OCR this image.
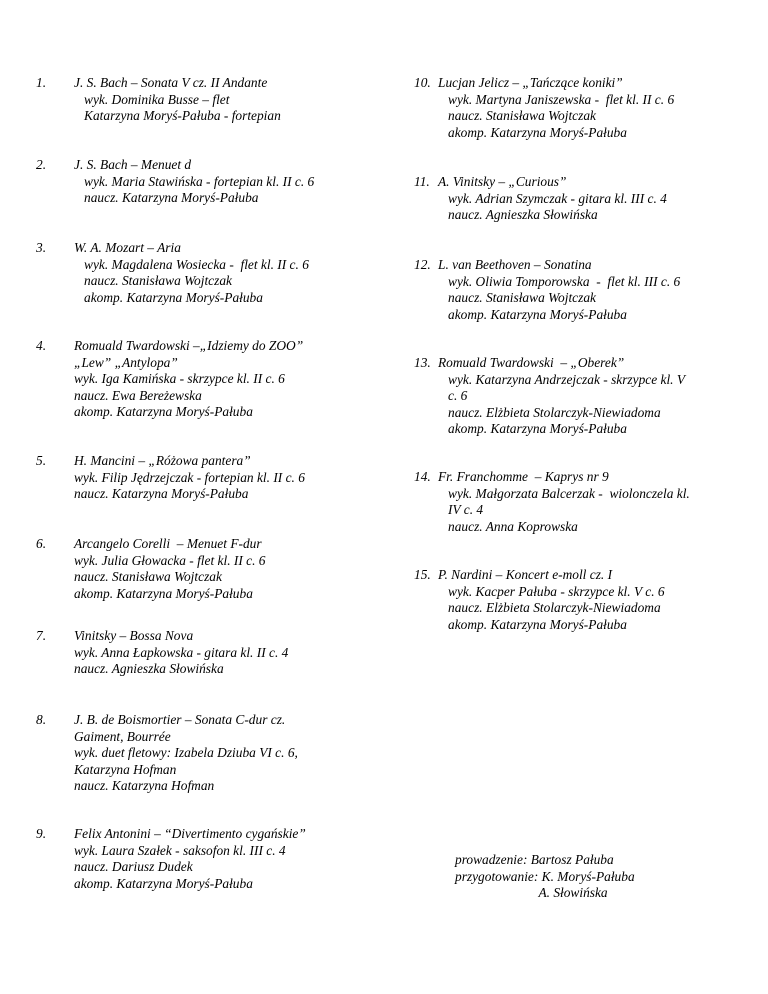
1. J. S. Bach – Sonata V cz. II Andante
wyk. Dominika Busse – flet
Katarzyna Moryś-Pałuba - fortepian
2. J. S. Bach – Menuet d
wyk. Maria Stawińska - fortepian kl. II c. 6
naucz. Katarzyna Moryś-Pałuba
3. W. A. Mozart – Aria
wyk. Magdalena Wosiecka -  flet kl. II c. 6
naucz. Stanisława Wojtczak
akomp. Katarzyna Moryś-Pałuba
4. Romuald Twardowski –„Idziemy do ZOO”
„Lew” „Antylopa”
wyk. Iga Kamińska - skrzypce kl. II c. 6
naucz. Ewa Bereżewska
akomp. Katarzyna Moryś-Pałuba
5. H. Mancini – „Różowa pantera”
wyk. Filip Jędrzejczak - fortepian kl. II c. 6
naucz. Katarzyna Moryś-Pałuba
6. Arcangelo Corelli  – Menuet F-dur
wyk. Julia Głowacka - flet kl. II c. 6
naucz. Stanisława Wojtczak
akomp. Katarzyna Moryś-Pałuba
7. Vinitsky – Bossa Nova
wyk. Anna Łapkowska - gitara kl. II c. 4
naucz. Agnieszka Słowińska
8. J. B. de Boismortier – Sonata C-dur cz.
Gaiment, Bourrée
wyk. duet fletowy: Izabela Dziuba VI c. 6,
Katarzyna Hofman
naucz. Katarzyna Hofman
9. Felix Antonini – “Divertimento cygańskie”
wyk. Laura Szałek - saksofon kl. III c. 4
naucz. Dariusz Dudek
akomp. Katarzyna Moryś-Pałuba
10. Lucjan Jelicz – „Tańczące koniki”
wyk. Martyna Janiszewska -  flet kl. II c. 6
naucz. Stanisława Wojtczak
akomp. Katarzyna Moryś-Pałuba
11. A. Vinitsky – „Curious”
wyk. Adrian Szymczak - gitara kl. III c. 4
naucz. Agnieszka Słowińska
12. L. van Beethoven – Sonatina
wyk. Oliwia Tomporowska  -  flet kl. III c. 6
naucz. Stanisława Wojtczak
akomp. Katarzyna Moryś-Pałuba
13. Romuald Twardowski  – „Oberek”
wyk. Katarzyna Andrzejczak - skrzypce kl. V
c. 6
naucz. Elżbieta Stolarczyk-Niewiadoma
akomp. Katarzyna Moryś-Pałuba
14. Fr. Franchomme  – Kaprys nr 9
wyk. Małgorzata Balcerzak -  wiolonczela kl.
IV c. 4
naucz. Anna Koprowska
15. P. Nardini – Koncert e-moll cz. I
wyk. Kacper Pałuba - skrzypce kl. V c. 6
naucz. Elżbieta Stolarczyk-Niewiadoma
akomp. Katarzyna Moryś-Pałuba
prowadzenie: Bartosz Pałuba
przygotowanie: K. Moryś-Pałuba
A. Słowińska
